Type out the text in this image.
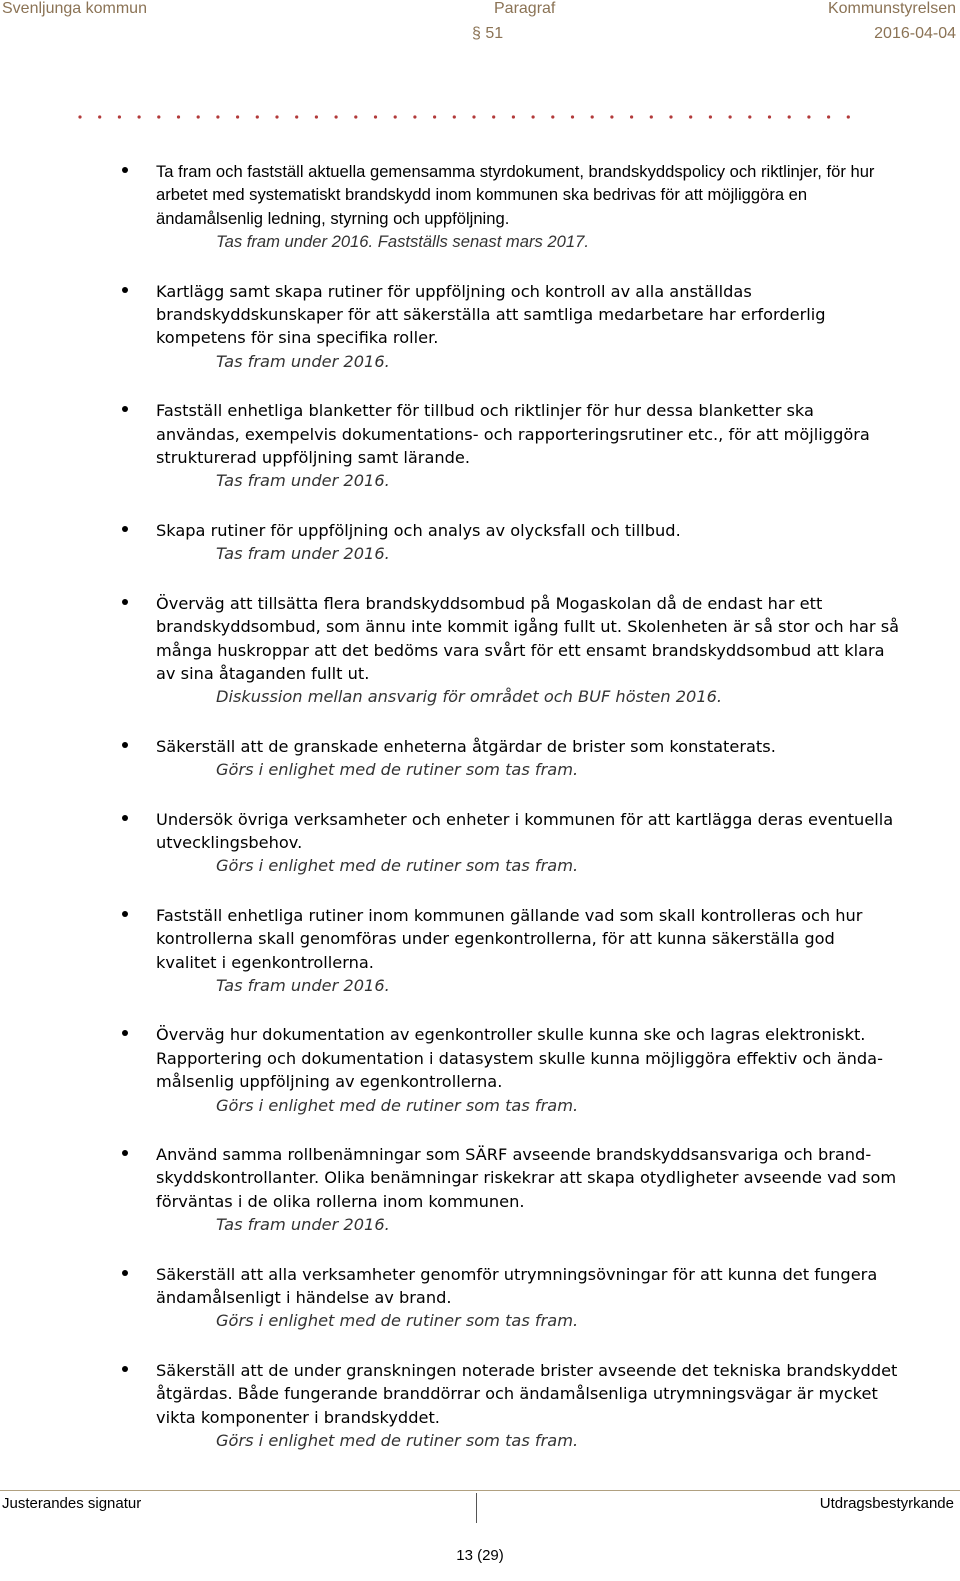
Svenljunga kommun	Paragraf	Kommunstyrelsen
§ 51	2016-04-04
Ta fram och fastställ aktuella gemensamma styrdokument, brandskyddspolicy och riktlinjer, för hur arbetet med systematiskt brandskydd inom kommunen ska bedrivas för att möjliggöra en ändamålsenlig ledning, styrning och uppföljning.
Tas fram under 2016. Fastställs senast mars 2017.
Kartlägg samt skapa rutiner för uppföljning och kontroll av alla anställdas brandskyddskunskaper för att säkerställa att samtliga medarbetare har erforderlig kompetens för sina specifika roller.
Tas fram under 2016.
Fastställ enhetliga blanketter för tillbud och riktlinjer för hur dessa blanketter ska användas, exempelvis dokumentations- och rapporteringsrutiner etc., för att möjliggöra strukturerad uppföljning samt lärande.
Tas fram under 2016.
Skapa rutiner för uppföljning och analys av olycksfall och tillbud.
Tas fram under 2016.
Överväg att tillsätta flera brandskyddsombud på Mogaskolan då de endast har ett brandskyddsombud, som ännu inte kommit igång fullt ut. Skolenheten är så stor och har så många huskroppar att det bedöms vara svårt för ett ensamt brandskyddsombud att klara av sina åtaganden fullt ut.
Diskussion mellan ansvarig för området och BUF hösten 2016.
Säkerställ att de granskade enheterna åtgärdar de brister som konstaterats.
Görs i enlighet med de rutiner som tas fram.
Undersök övriga verksamheter och enheter i kommunen för att kartlägga deras eventuella utvecklingsbehov.
Görs i enlighet med de rutiner som tas fram.
Fastställ enhetliga rutiner inom kommunen gällande vad som skall kontrolleras och hur kontrollerna skall genomföras under egenkontrollerna, för att kunna säkerställa god kvalitet i egenkontrollerna.
Tas fram under 2016.
Överväg hur dokumentation av egenkontroller skulle kunna ske och lagras elektroniskt. Rapportering och dokumentation i datasystem skulle kunna möjliggöra effektiv och ända-målsenlig uppföljning av egenkontrollerna.
Görs i enlighet med de rutiner som tas fram.
Använd samma rollbenämningar som SÄRF avseende brandskyddsansvariga och brand-skyddskontrollanter. Olika benämningar riskekrar att skapa otydligheter avseende vad som förväntas i de olika rollerna inom kommunen.
Tas fram under 2016.
Säkerställ att alla verksamheter genomför utrymningsövningar för att kunna det fungera ändamålsenligt i händelse av brand.
Görs i enlighet med de rutiner som tas fram.
Säkerställ att de under granskningen noterade brister avseende det tekniska brandskyddet åtgärdas. Både fungerande branddörrar och ändamålsenliga utrymningsvägar är mycket vikta komponenter i brandskyddet.
Görs i enlighet med de rutiner som tas fram.
Justerandes signatur	Utdragsbestyrkande
13 (29)
